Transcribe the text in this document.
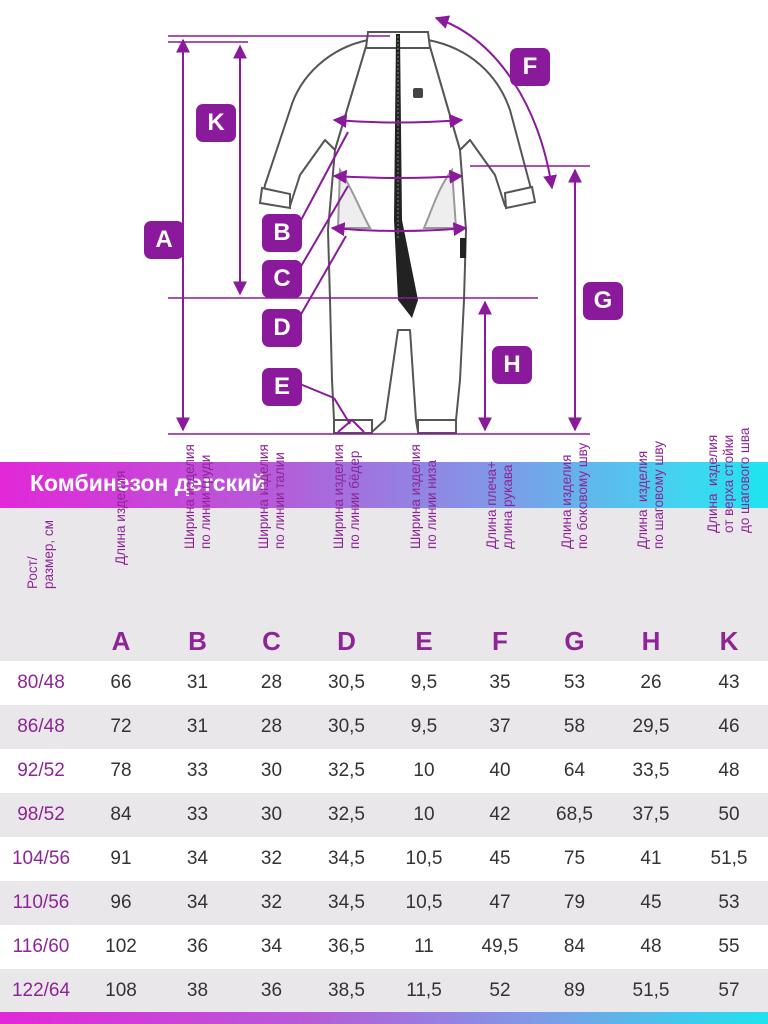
A	B
C
D
E
F
G
H
K
Комбинезон детский
Рост/
размер, см	Длина изделия
A
Ширина изделия
по линии груди
B
Ширина изделия
по линии талии
C
Ширина изделия
по линии бёдер
D
Ширина изделия
по линии низа
E
Длина плеча+
длина рукава
F
Длина изделия
по боковому шву
G
Длина  изделия
по шаговому шву
H
Длина  изделия
от верха стойки
до шагового шва
K
80/48	66	31	28	30,5	9,5	35	53	26	43
86/48	72	31	28	30,5	9,5	37	58	29,5	46
92/52	78	33	30	32,5	10	40	64	33,5	48
98/52	84	33	30	32,5	10	42	68,5	37,5	50
104/56	91	34	32	34,5	10,5	45	75	41	51,5
110/56	96	34	32	34,5	10,5	47	79	45	53
116/60	102	36	34	36,5	11	49,5	84	48	55
122/64	108	38	36	38,5	11,5	52	89	51,5	57
